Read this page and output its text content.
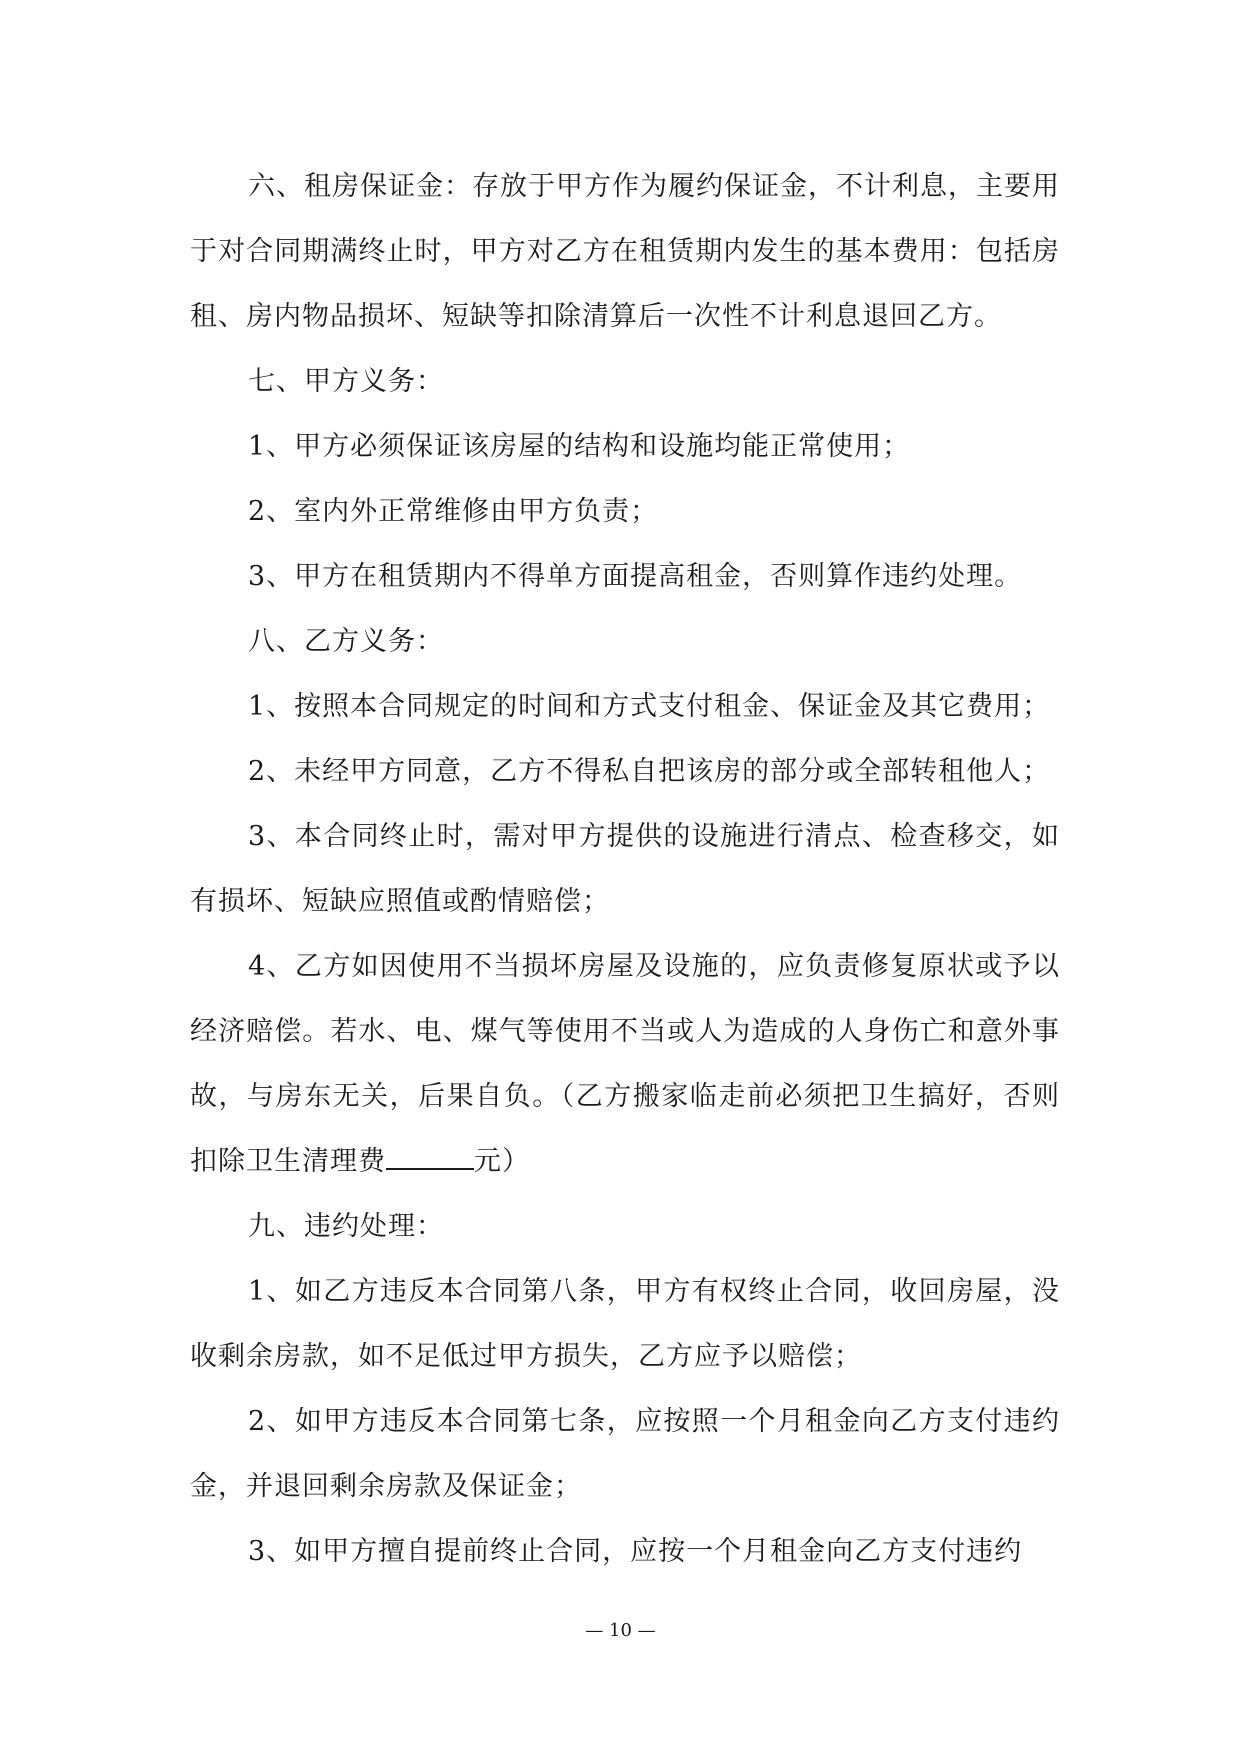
六、租房保证金：存放于甲方作为履约保证金，不计利息，主要用于对合同期满终止时，甲方对乙方在租赁期内发生的基本费用：包括房租、房内物品损坏、短缺等扣除清算后一次性不计利息退回乙方。

七、甲方义务：

1、甲方必须保证该房屋的结构和设施均能正常使用；

2、室内外正常维修由甲方负责；

3、甲方在租赁期内不得单方面提高租金，否则算作违约处理。

八、乙方义务：

1、按照本合同规定的时间和方式支付租金、保证金及其它费用；

2、未经甲方同意，乙方不得私自把该房的部分或全部转租他人；

3、本合同终止时，需对甲方提供的设施进行清点、检查移交，如有损坏、短缺应照值或酌情赔偿；

4、乙方如因使用不当损坏房屋及设施的，应负责修复原状或予以经济赔偿。若水、电、煤气等使用不当或人为造成的人身伤亡和意外事故，与房东无关，后果自负。（乙方搬家临走前必须把卫生搞好，否则扣除卫生清理费	元）

九、违约处理：

1、如乙方违反本合同第八条，甲方有权终止合同，收回房屋，没收剩余房款，如不足低过甲方损失，乙方应予以赔偿；

2、如甲方违反本合同第七条，应按照一个月租金向乙方支付违约金，并退回剩余房款及保证金；

3、如甲方擅自提前终止合同，应按一个月租金向乙方支付违约

— 10 —
